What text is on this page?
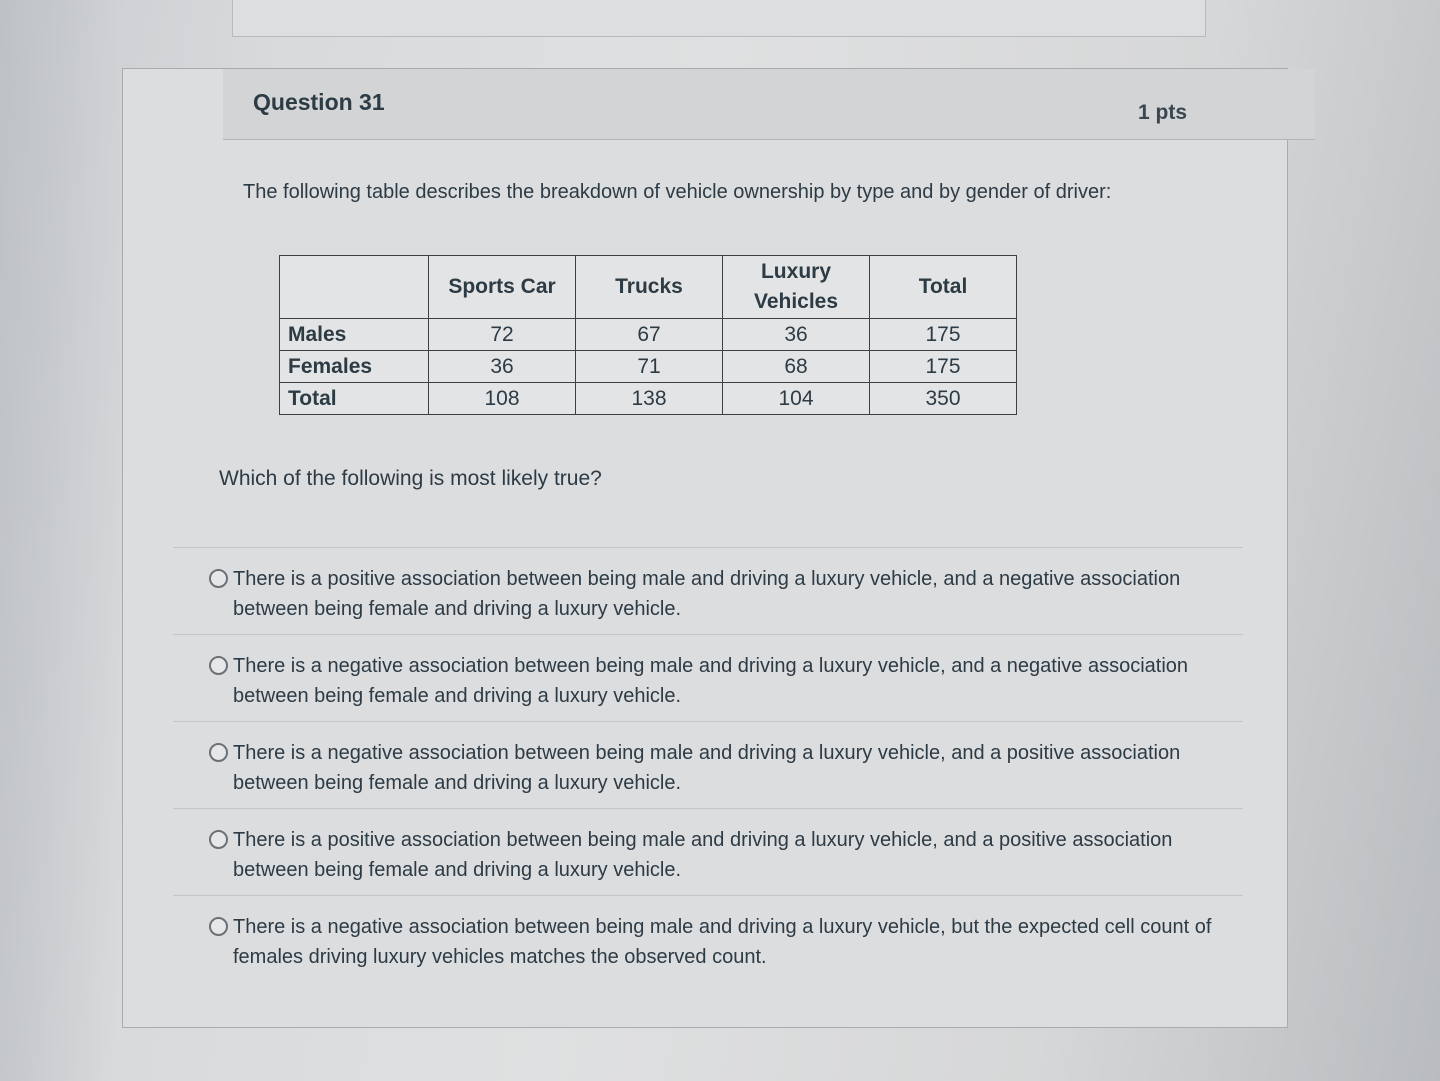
Question 31	1 pts
The following table describes the breakdown of vehicle ownership by type and by gender of driver:
	Sports Car	Trucks	Luxury Vehicles	Total
Males	72	67	36	175
Females	36	71	68	175
Total	108	138	104	350
Which of the following is most likely true?
There is a positive association between being male and driving a luxury vehicle, and a negative association between being female and driving a luxury vehicle.
There is a negative association between being male and driving a luxury vehicle, and a negative association between being female and driving a luxury vehicle.
There is a negative association between being male and driving a luxury vehicle, and a positive association between being female and driving a luxury vehicle.
There is a positive association between being male and driving a luxury vehicle, and a positive association between being female and driving a luxury vehicle.
There is a negative association between being male and driving a luxury vehicle, but the expected cell count of females driving luxury vehicles matches the observed count.
